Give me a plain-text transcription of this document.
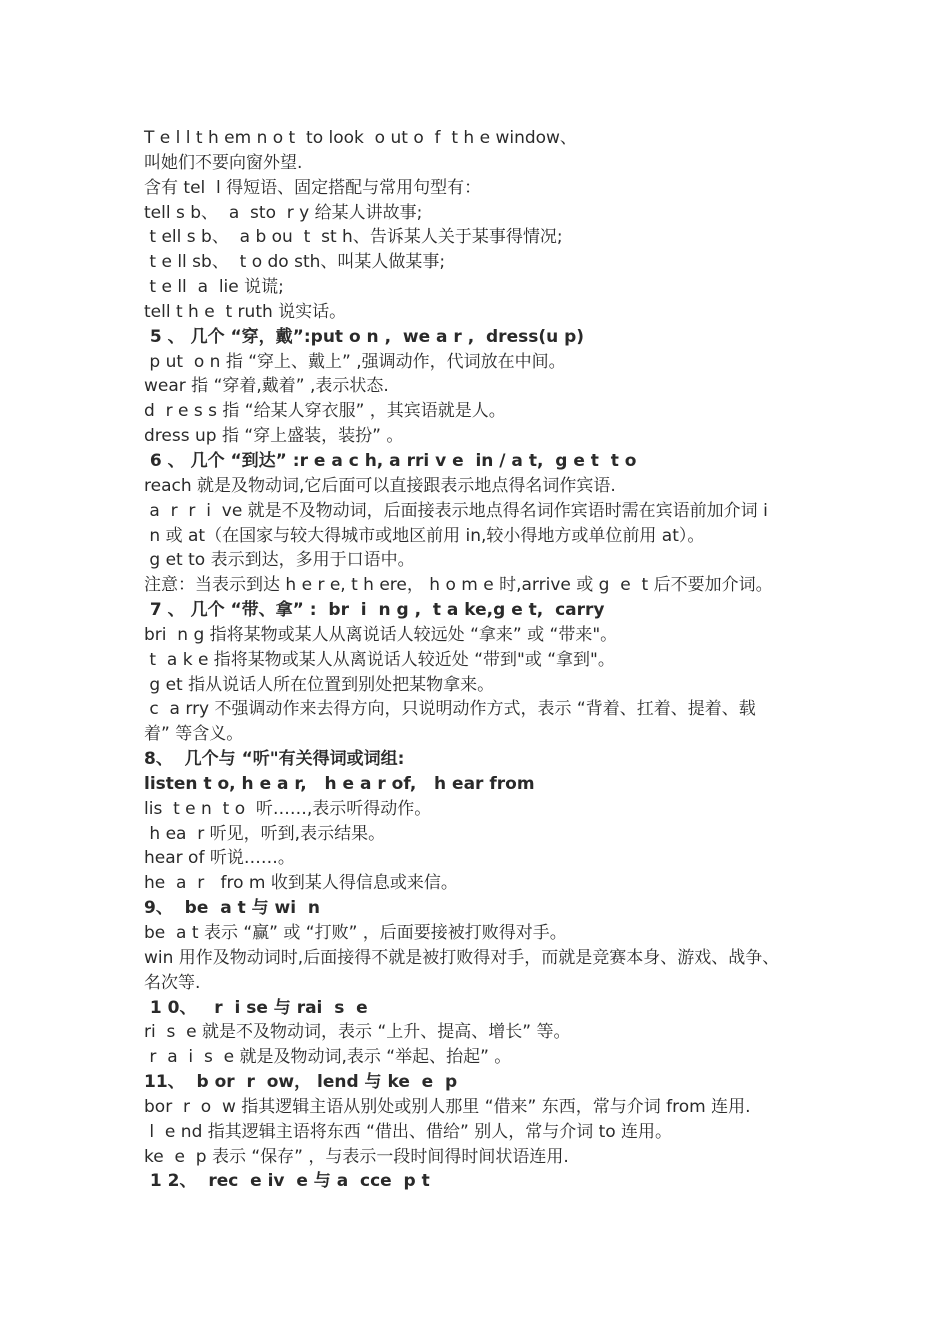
T e l l t h em n o t  to look  o ut o  f  t h e window、
叫她们不要向窗外望.
含有 tel  l 得短语、固定搭配与常用句型有：
tell s b、  a  sto  r y 给某人讲故事;
t ell s b、  a b ou  t  st h、告诉某人关于某事得情况;
t e ll sb、  t o do sth、叫某人做某事;
t e ll  a  lie 说谎;
tell t h e  t ruth 说实话。
5 、 几个 “穿，戴”:put o n ,  we a r ,  dress(u p)
p ut  o n 指 “穿上、戴上” ,强调动作，代词放在中间。
wear 指 “穿着,戴着” ,表示状态.
d  r e s s 指 “给某人穿衣服” ，其宾语就是人。
dress up 指 “穿上盛装，装扮” 。
6 、 几个 “到达” :r e a c h, a rri v e  in / a t,  g e t  t o
reach 就是及物动词,它后面可以直接跟表示地点得名词作宾语.
a  r  r  i  ve 就是不及物动词，后面接表示地点得名词作宾语时需在宾语前加介词 i
n 或 at（在国家与较大得城市或地区前用 in,较小得地方或单位前用 at）。
g et to 表示到达，多用于口语中。
注意：当表示到达 h e r e, t h ere， h o m e 时,arrive 或 g  e  t 后不要加介词。
7 、 几个 “带、拿” :  br  i  n g ,  t a ke,g e t,  carry
bri  n g 指将某物或某人从离说话人较远处 “拿来” 或 “带来"。
t  a k e 指将某物或某人从离说话人较近处 “带到"或 “拿到"。
g et 指从说话人所在位置到别处把某物拿来。
c  a rry 不强调动作来去得方向，只说明动作方式，表示 “背着、扛着、提着、载
着” 等含义。
8、  几个与 “听"有关得词或词组:
listen t o, h e a r,   h e a r of,   h ear from
lis  t e n  t o  听……,表示听得动作。
h ea  r 听见，听到,表示结果。
hear of 听说……。
he  a  r   fro m 收到某人得信息或来信。
9、  be  a t 与 wi  n
be  a t 表示 “赢” 或 “打败” ，后面要接被打败得对手。
win 用作及物动词时,后面接得不就是被打败得对手，而就是竞赛本身、游戏、战争、
名次等.
1 0、   r  i se 与 rai  s  e
ri  s  e 就是不及物动词，表示 “上升、提高、增长” 等。
r  a  i  s  e 就是及物动词,表示 “举起、抬起” 。
11、  b or  r  ow， lend 与 ke  e  p
bor  r  o  w 指其逻辑主语从别处或别人那里 “借来” 东西，常与介词 from 连用.
l  e nd 指其逻辑主语将东西 “借出、借给” 别人，常与介词 to 连用。
ke  e  p 表示 “保存” ，与表示一段时间得时间状语连用.
1 2、  rec  e iv  e 与 a  cce  p t
